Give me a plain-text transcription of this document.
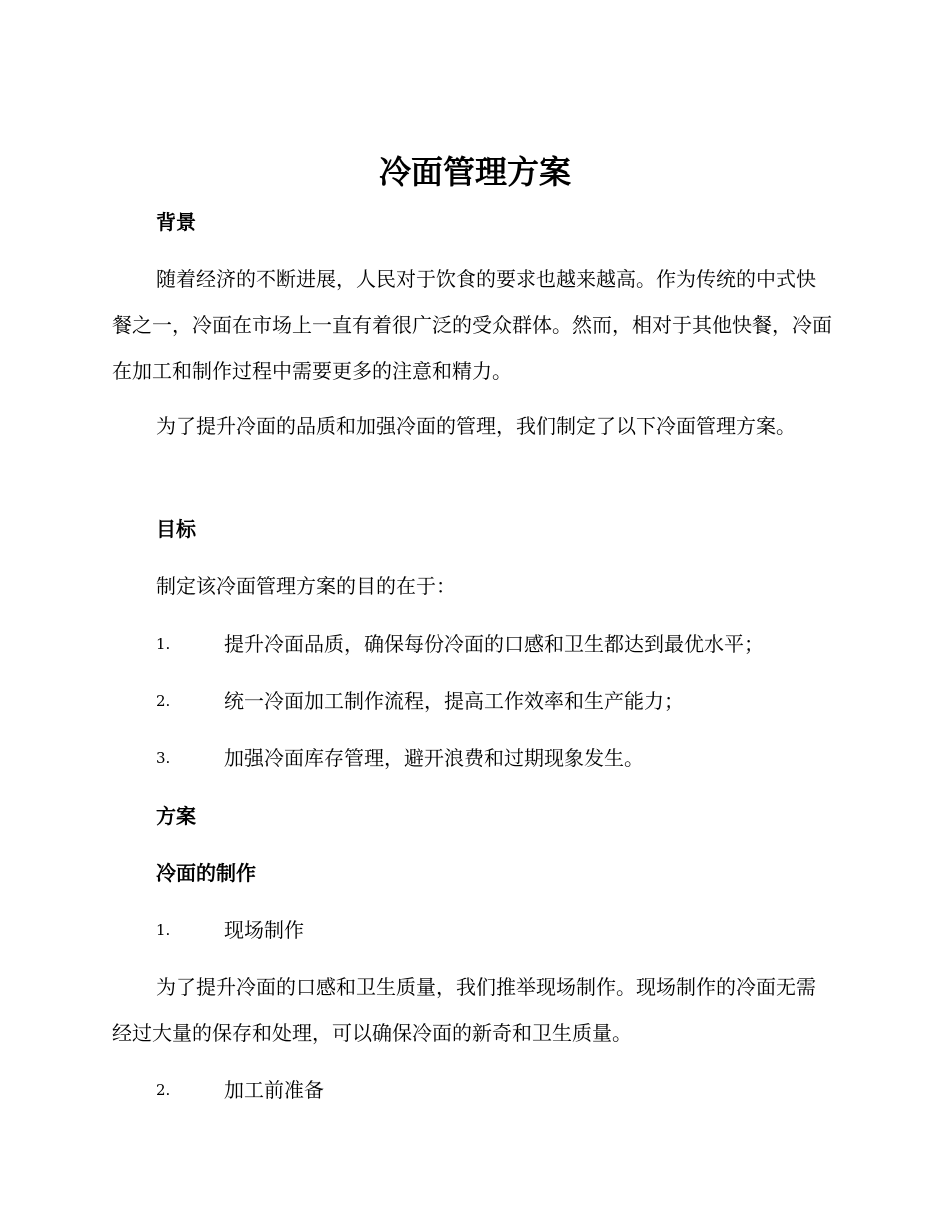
冷面管理方案
背景

随着经济的不断进展，人民对于饮食的要求也越来越高。作为传统的中式快餐之一，冷面在市场上一直有着很广泛的受众群体。然而，相对于其他快餐，冷面在加工和制作过程中需要更多的注意和精力。

为了提升冷面的品质和加强冷面的管理，我们制定了以下冷面管理方案。

目标

制定该冷面管理方案的目的在于：

1.	提升冷面品质，确保每份冷面的口感和卫生都达到最优水平；
2.	统一冷面加工制作流程，提高工作效率和生产能力；
3.	加强冷面库存管理，避开浪费和过期现象发生。
方案
冷面的制作
1.	现场制作

为了提升冷面的口感和卫生质量，我们推举现场制作。现场制作的冷面无需经过大量的保存和处理，可以确保冷面的新奇和卫生质量。

2.	加工前准备
